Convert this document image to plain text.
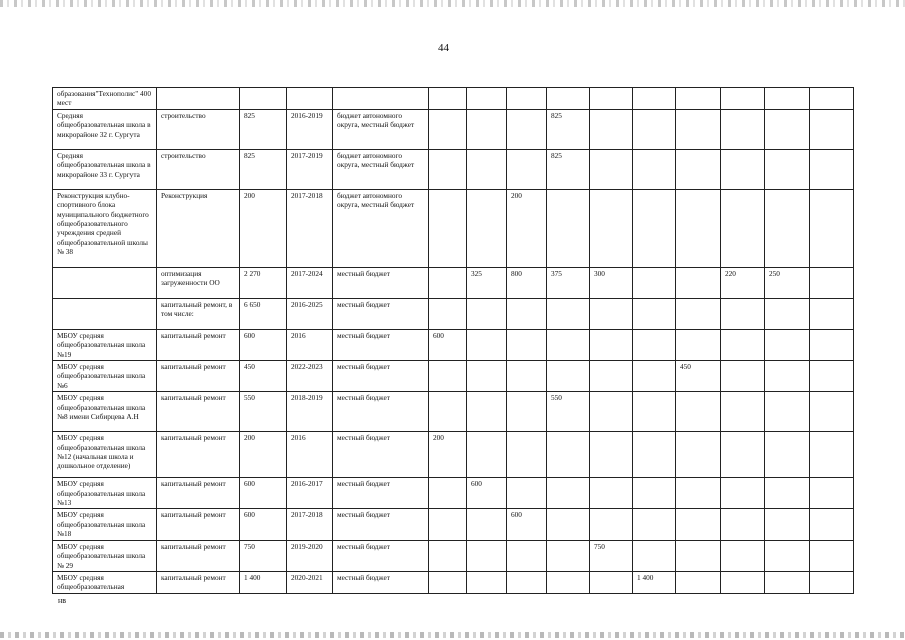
44
образования"Технополис" 400 мест														
Средняя общеобразовательная школа в микрорайоне 32 г. Сургута	строительство	825	2016-2019	бюджет автономного округа, местный бюджет				825						
Средняя общеобразовательная школа в микрорайоне 33 г. Сургута	строительство	825	2017-2019	бюджет автономного округа, местный бюджет				825						
Реконструкция клубно-спортивного блока муниципального бюджетного общеобразовательного учреждения средней общеобразовательной школы № 38	Реконструкция	200	2017-2018	бюджет автономного округа, местный бюджет			200							
	оптимизация загруженности ОО	2 270	2017-2024	местный бюджет		325	800	375	300			220	250	
	капитальный ремонт, в том числе:	6 650	2016-2025	местный бюджет										
МБОУ средняя общеобразовательная школа №19	капитальный ремонт	600	2016	местный бюджет	600									
МБОУ средняя общеобразовательная школа №6	капитальный ремонт	450	2022-2023	местный бюджет							450			
МБОУ средняя общеобразовательная школа №8 имени Сибирцева А.Н	капитальный ремонт	550	2018-2019	местный бюджет				550						
МБОУ средняя общеобразовательная школа №12 (начальная школа и дошкольное отделение)	капитальный ремонт	200	2016	местный бюджет	200									
МБОУ средняя общеобразовательная школа №13	капитальный ремонт	600	2016-2017	местный бюджет		600								
МБОУ средняя общеобразовательная школа №18	капитальный ремонт	600	2017-2018	местный бюджет			600							
МБОУ средняя общеобразовательная школа № 29	капитальный ремонт	750	2019-2020	местный бюджет					750					
МБОУ средняя общеобразовательная	капитальный ремонт	1 400	2020-2021	местный бюджет						1 400				
нв
